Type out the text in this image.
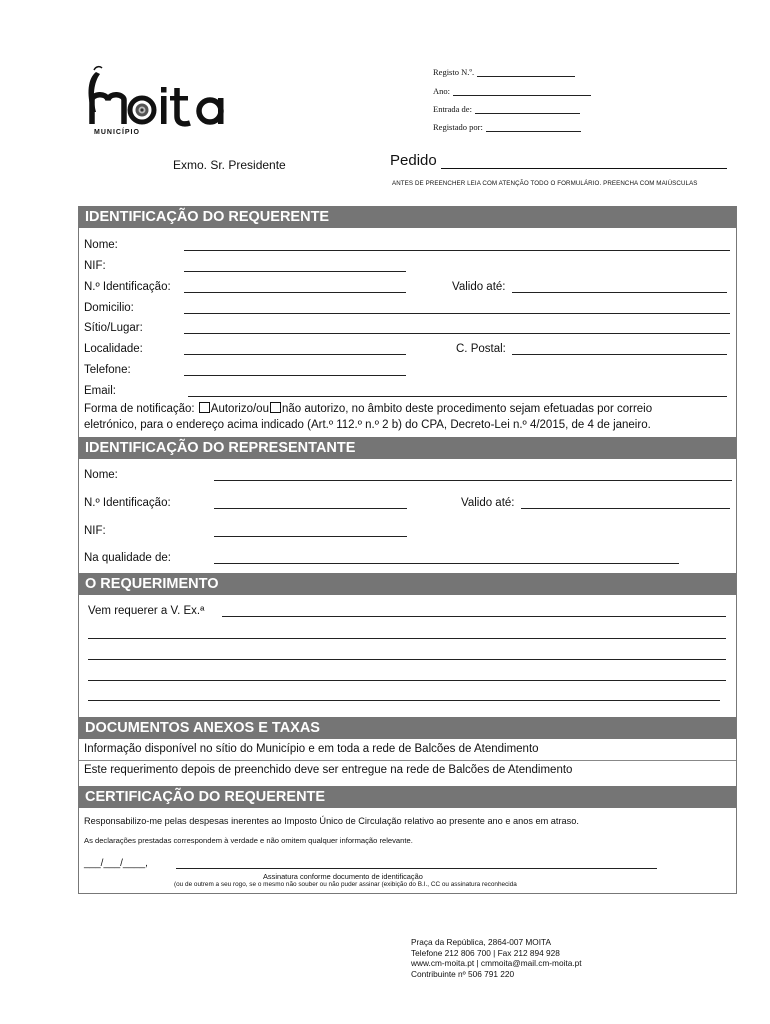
MUNICÍPIO
Registo N.º.
Ano:
Entrada de:
Registado por:
Exmo. Sr. Presidente	Pedido
ANTES DE PREENCHER LEIA COM ATENÇÃO TODO O FORMULÁRIO. PREENCHA COM MAIÚSCULAS
IDENTIFICAÇÃO DO REQUERENTE
Nome:
NIF:
N.º Identificação:	Valido até:
Domicilio:
Sítio/Lugar:
Localidade:	C. Postal:
Telefone:
Email:
Forma de notificação: Autorizo/ou não autorizo, no âmbito deste procedimento sejam efetuadas por correio
eletrónico, para o endereço acima indicado (Art.º 112.º n.º 2 b) do CPA, Decreto-Lei n.º 4/2015, de 4 de janeiro.
IDENTIFICAÇÃO DO REPRESENTANTE
Nome:
N.º Identificação:	Valido até:
NIF:
Na qualidade de:
O REQUERIMENTO
Vem requerer a V. Ex.ª
DOCUMENTOS ANEXOS E TAXAS
Informação disponível no sítio do Município e em toda a rede de Balcões de Atendimento
Este requerimento depois de preenchido deve ser entregue na rede de Balcões de Atendimento
CERTIFICAÇÃO DO REQUERENTE
Responsabilizo-me pelas despesas inerentes ao Imposto Único de Circulação relativo ao presente ano e anos em atraso.
As declarações prestadas correspondem à verdade e não omitem qualquer informação relevante.
___/___/____,
Assinatura conforme documento de identificação
(ou de outrem a seu rogo, se o mesmo não souber ou não puder assinar (exibição do B.I., CC ou assinatura reconhecida
Praça da República, 2864-007 MOITA
Telefone 212 806 700 | Fax 212 894 928
www.cm-moita.pt | cmmoita@mail.cm-moita.pt
Contribuinte nº 506 791 220
